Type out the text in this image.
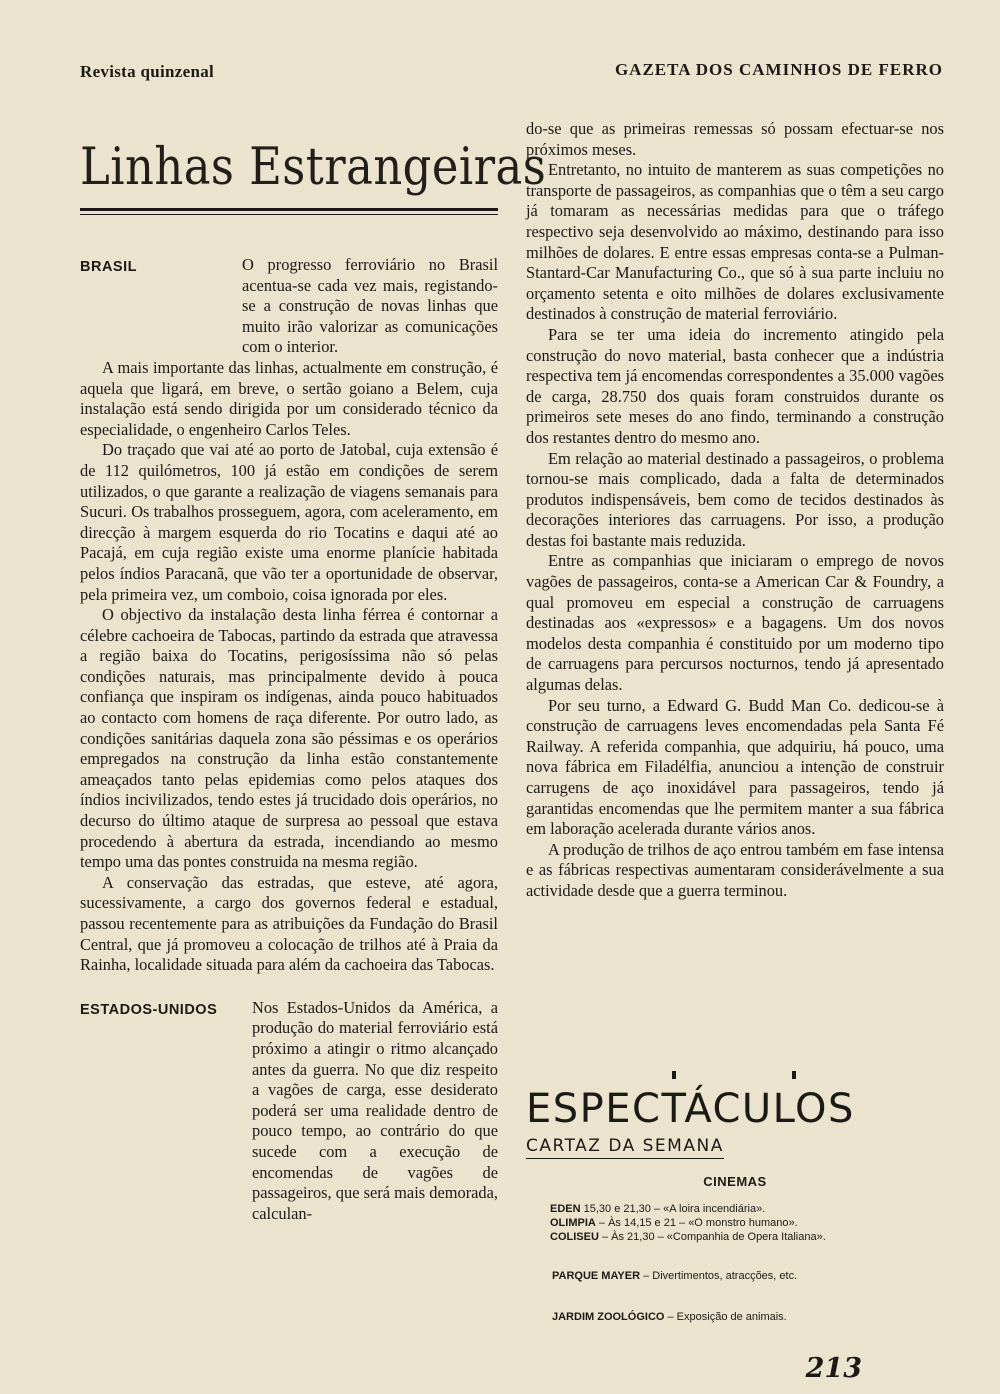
Revista quinzenal	GAZETA DOS CAMINHOS DE FERRO
Linhas Estrangeiras
BRASIL	O progresso ferroviário no Brasil acentua-se cada vez mais, registando-se a construção de novas linhas que muito irão valorizar as comunicações com o interior.

A mais importante das linhas, actualmente em construção, é aquela que ligará, em breve, o sertão goiano a Belem, cuja instalação está sendo dirigida por um considerado técnico da especialidade, o engenheiro Carlos Teles.

Do traçado que vai até ao porto de Jatobal, cuja extensão é de 112 quilómetros, 100 já estão em condições de serem utilizados, o que garante a realização de viagens semanais para Sucuri. Os trabalhos prosseguem, agora, com aceleramento, em direcção à margem esquerda do rio Tocatins e daqui até ao Pacajá, em cuja região existe uma enorme planície habitada pelos índios Paracanã, que vão ter a oportunidade de observar, pela primeira vez, um comboio, coisa ignorada por eles.

O objectivo da instalação desta linha férrea é contornar a célebre cachoeira de Tabocas, partindo da estrada que atravessa a região baixa do Tocatins, perigosíssima não só pelas condições naturais, mas principalmente devido à pouca confiança que inspiram os indígenas, ainda pouco habituados ao contacto com homens de raça diferente. Por outro lado, as condições sanitárias daquela zona são péssimas e os operários empregados na construção da linha estão constantemente ameaçados tanto pelas epidemias como pelos ataques dos índios incivilizados, tendo estes já trucidado dois operários, no decurso do último ataque de surpresa ao pessoal que estava procedendo à abertura da estrada, incendiando ao mesmo tempo uma das pontes construida na mesma região.

A conservação das estradas, que esteve, até agora, sucessivamente, a cargo dos governos federal e estadual, passou recentemente para as atribuições da Fundação do Brasil Central, que já promoveu a colocação de trilhos até à Praia da Rainha, localidade situada para além da cachoeira das Tabocas.

ESTADOS-UNIDOS	Nos Estados-Unidos da América, a produção do material ferroviário está próximo a atingir o ritmo alcançado antes da guerra. No que diz respeito a vagões de carga, esse desiderato poderá ser uma realidade dentro de pouco tempo, ao contrário do que sucede com a execução de encomendas de vagões de passageiros, que será mais demorada, calculan-

do-se que as primeiras remessas só possam efectuar-se nos próximos meses.

Entretanto, no intuito de manterem as suas competições no transporte de passageiros, as companhias que o têm a seu cargo já tomaram as necessárias medidas para que o tráfego respectivo seja desenvolvido ao máximo, destinando para isso milhões de dolares. E entre essas empresas conta-se a Pulman-Stantard-Car Manufacturing Co., que só à sua parte incluiu no orçamento setenta e oito milhões de dolares exclusivamente destinados à construção de material ferroviário.

Para se ter uma ideia do incremento atingido pela construção do novo material, basta conhecer que a indústria respectiva tem já encomendas correspondentes a 35.000 vagões de carga, 28.750 dos quais foram construidos durante os primeiros sete meses do ano findo, terminando a construção dos restantes dentro do mesmo ano.

Em relação ao material destinado a passageiros, o problema tornou-se mais complicado, dada a falta de determinados produtos indispensáveis, bem como de tecidos destinados às decorações interiores das carruagens. Por isso, a produção destas foi bastante mais reduzida.

Entre as companhias que iniciaram o emprego de novos vagões de passageiros, conta-se a American Car & Foundry, a qual promoveu em especial a construção de carruagens destinadas aos «expressos» e a bagagens. Um dos novos modelos desta companhia é constituido por um moderno tipo de carruagens para percursos nocturnos, tendo já apresentado algumas delas.

Por seu turno, a Edward G. Budd Man Co. dedicou-se à construção de carruagens leves encomendadas pela Santa Fé Railway. A referida companhia, que adquiriu, há pouco, uma nova fábrica em Filadélfia, anunciou a intenção de construir carrugens de aço inoxidável para passageiros, tendo já garantidas encomendas que lhe permitem manter a sua fábrica em laboração acelerada durante vários anos.

A produção de trilhos de aço entrou também em fase intensa e as fábricas respectivas aumentaram considerávelmente a sua actividade desde que a guerra terminou.

ESPECTÁCULOS
CARTAZ DA SEMANA
CINEMAS
EDEN 15,30 e 21,30 – «A loira incendiária».
OLIMPIA – Às 14,15 e 21 – «O monstro humano».
COLISEU – Às 21,30 – «Companhia de Opera Italiana».
PARQUE MAYER – Divertimentos, atracções, etc.
JARDIM ZOOLÓGICO – Exposição de animais.
213
